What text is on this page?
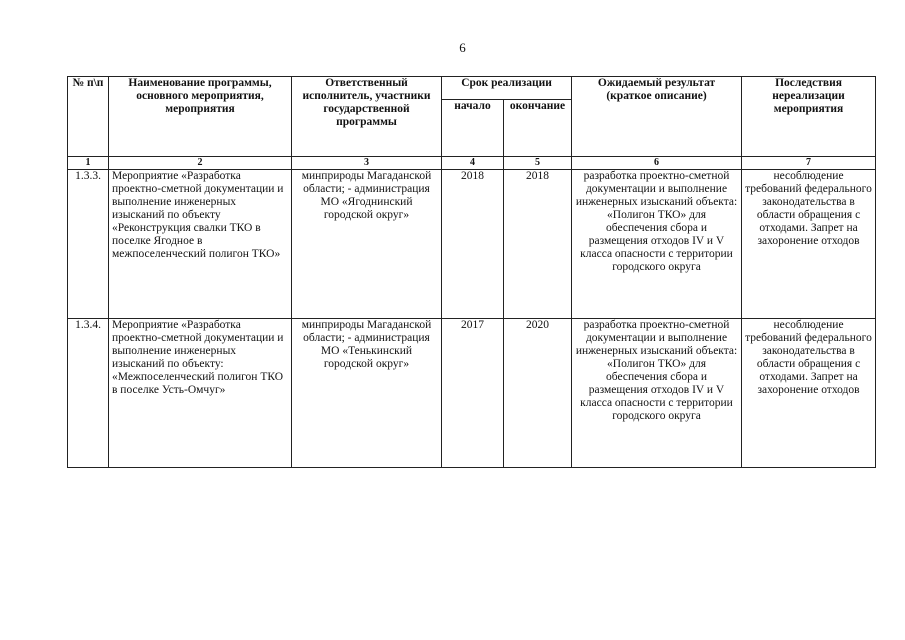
6
№ п\п	Наименование программы, основного мероприятия, мероприятия	Ответственный исполнитель, участники государственной программы	Срок реализации		Ожидаемый результат (краткое описание)	Последствия нереализации мероприятия
			начало	окончание		
1	2	3	4	5	6	7
1.3.3.	Мероприятие «Разработка проектно-сметной документации и выполнение инженерных изысканий по объекту «Реконструкция свалки ТКО в поселке Ягодное в межпоселенческий полигон ТКО»	минприроды Магаданской области; - администрация МО «Ягоднинский городской округ»	2018	2018	разработка проектно-сметной документации и выполнение инженерных изысканий объекта: «Полигон ТКО» для обеспечения сбора и размещения отходов IV и V класса опасности с территории городского округа	несоблюдение требований федерального законодательства в области обращения с отходами. Запрет на захоронение отходов
1.3.4.	Мероприятие «Разработка проектно-сметной документации и выполнение инженерных изысканий по объекту: «Межпоселенческий полигон ТКО в поселке Усть-Омчуг»	минприроды Магаданской области; - администрация МО «Тенькинский городской округ»	2017	2020	разработка проектно-сметной документации и выполнение инженерных изысканий объекта: «Полигон ТКО» для обеспечения сбора и размещения отходов IV и V класса опасности с территории городского округа	несоблюдение требований федерального законодательства в области обращения с отходами. Запрет на захоронение отходов
